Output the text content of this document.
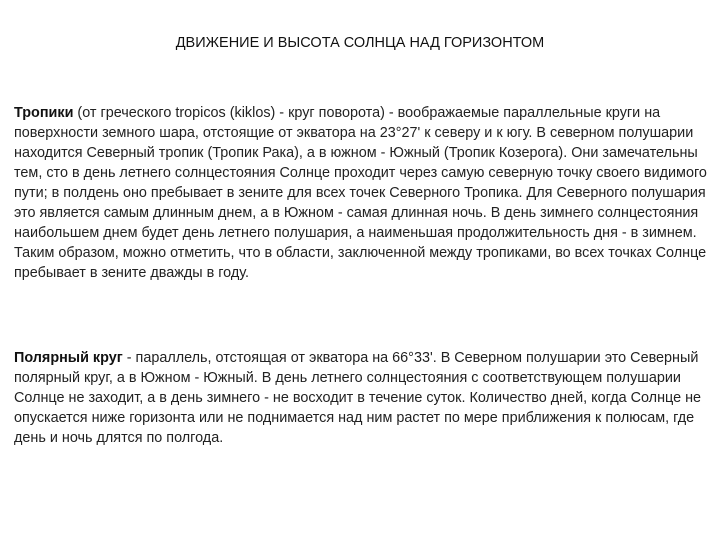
ДВИЖЕНИЕ И ВЫСОТА СОЛНЦА НАД ГОРИЗОНТОМ

Тропики (от греческого tropicos (kiklos) - круг поворота) - воображаемые параллельные круги на поверхности земного шара, отстоящие от экватора на 23°27' к северу и к югу. В северном полушарии находится Северный тропик (Тропик Рака), а в южном - Южный (Тропик Козерога). Они замечательны тем, сто в день летнего солнцестояния Солнце проходит через самую северную точку своего видимого пути; в полдень оно пребывает в зените для всех точек Северного Тропика. Для Северного полушария это является самым длинным днем, а в Южном - самая длинная ночь. В день зимнего солнцестояния наибольшем днем будет день летнего полушария, а наименьшая продолжительность дня - в зимнем. Таким образом, можно отметить, что в области, заключенной между тропиками, во всех точках Солнце пребывает в зените дважды в году.

Полярный круг - параллель, отстоящая от экватора на 66°33'. В Северном полушарии это Северный полярный круг, а в Южном - Южный. В день летнего солнцестояния с соответствующем полушарии Солнце не заходит, а в день зимнего - не восходит в течение суток. Количество дней, когда Солнце не опускается ниже горизонта или не поднимается над ним растет по мере приближения к полюсам, где день и ночь длятся по полгода.
